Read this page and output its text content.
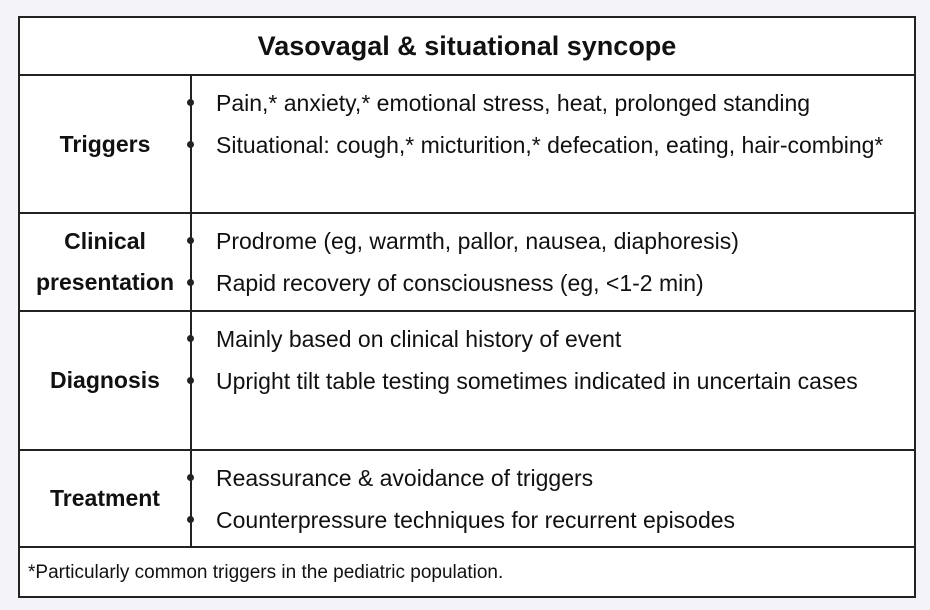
Vasovagal & situational syncope
Triggers
Pain,* anxiety,* emotional stress, heat, prolonged standing
Situational: cough,* micturition,* defecation, eating, hair-combing*
Clinical presentation
Prodrome (eg, warmth, pallor, nausea, diaphoresis)
Rapid recovery of consciousness (eg, <1-2 min)
Diagnosis
Mainly based on clinical history of event
Upright tilt table testing sometimes indicated in uncertain cases
Treatment
Reassurance & avoidance of triggers
Counterpressure techniques for recurrent episodes
*Particularly common triggers in the pediatric population.
